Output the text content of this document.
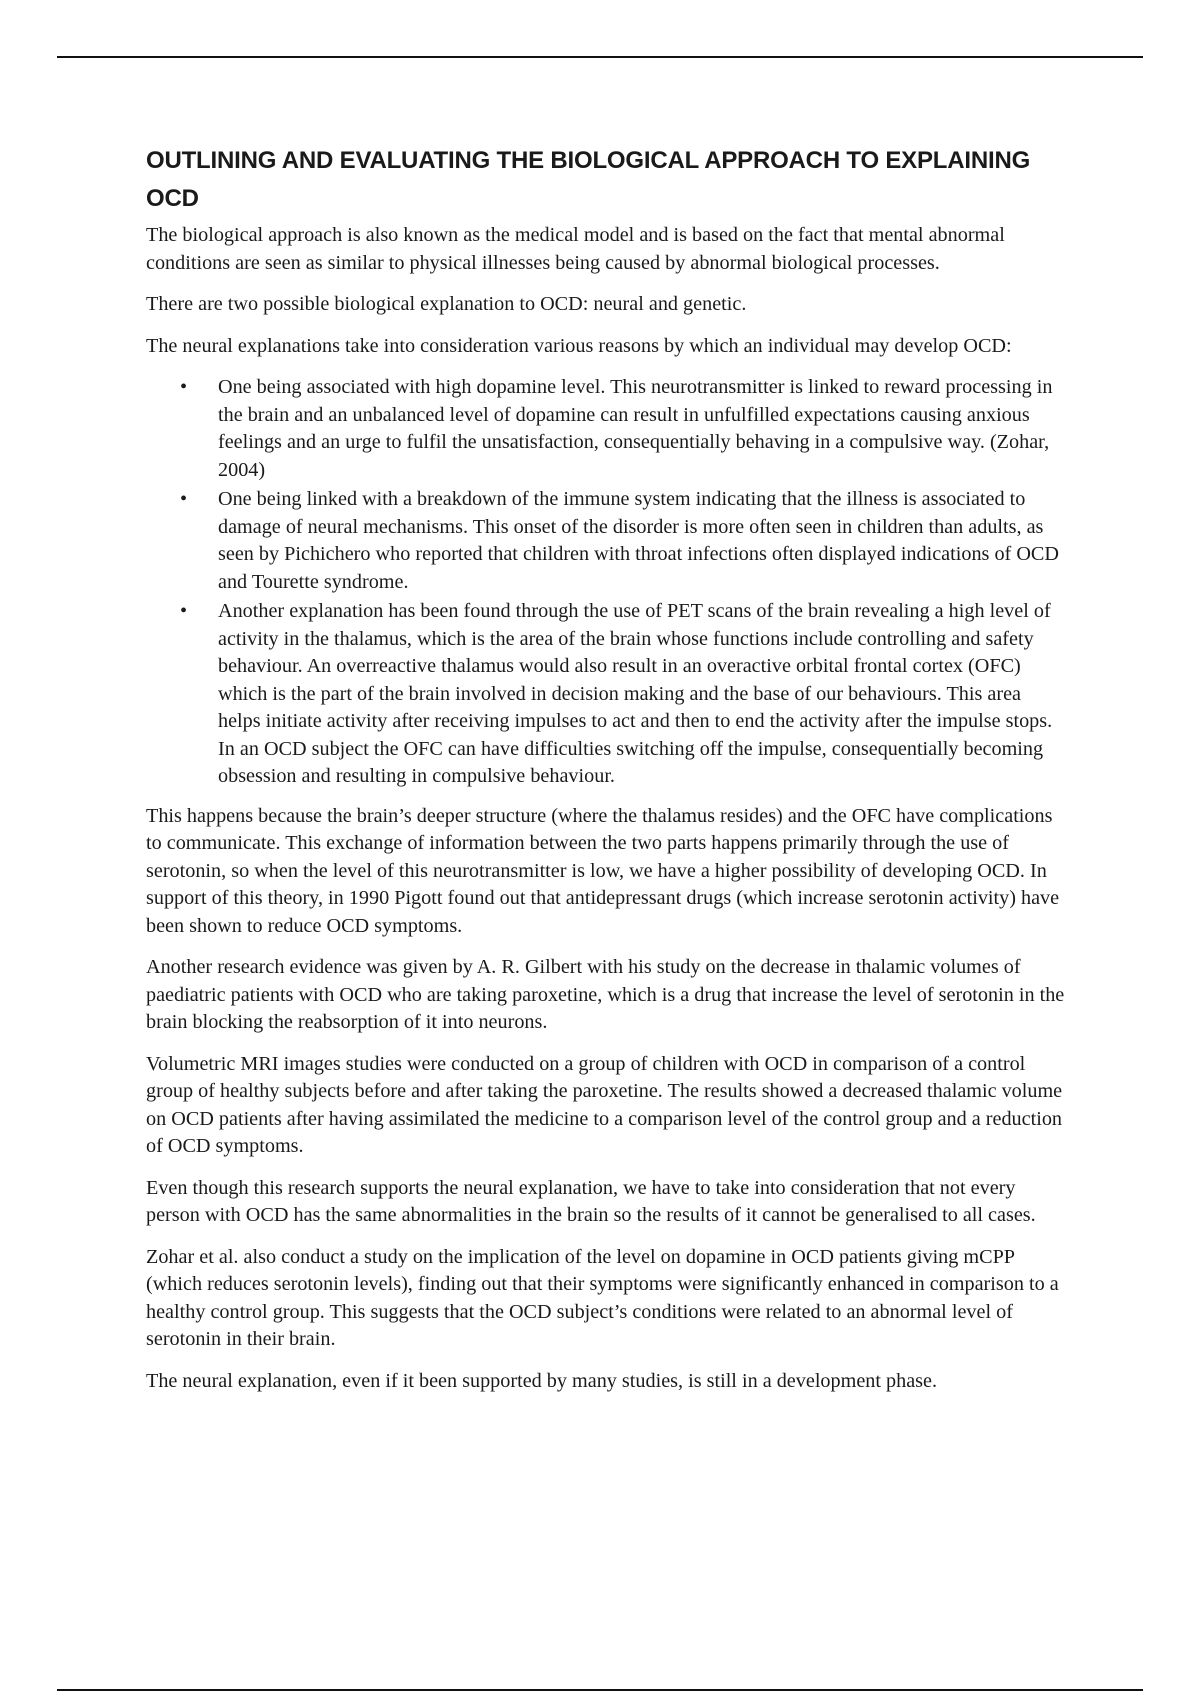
OUTLINING AND EVALUATING THE BIOLOGICAL APPROACH TO EXPLAINING OCD

The biological approach is also known as the medical model and is based on the fact that mental abnormal conditions are seen as similar to physical illnesses being caused by abnormal biological processes.

There are two possible biological explanation to OCD: neural and genetic.

The neural explanations take into consideration various reasons by which an individual may develop OCD:

• One being associated with high dopamine level. This neurotransmitter is linked to reward processing in the brain and an unbalanced level of dopamine can result in unfulfilled expectations causing anxious feelings and an urge to fulfil the unsatisfaction, consequentially behaving in a compulsive way. (Zohar, 2004)
• One being linked with a breakdown of the immune system indicating that the illness is associated to damage of neural mechanisms. This onset of the disorder is more often seen in children than adults, as seen by Pichichero who reported that children with throat infections often displayed indications of OCD and Tourette syndrome.
• Another explanation has been found through the use of PET scans of the brain revealing a high level of activity in the thalamus, which is the area of the brain whose functions include controlling and safety behaviour. An overreactive thalamus would also result in an overactive orbital frontal cortex (OFC) which is the part of the brain involved in decision making and the base of our behaviours. This area helps initiate activity after receiving impulses to act and then to end the activity after the impulse stops. In an OCD subject the OFC can have difficulties switching off the impulse, consequentially becoming obsession and resulting in compulsive behaviour.

This happens because the brain’s deeper structure (where the thalamus resides) and the OFC have complications to communicate. This exchange of information between the two parts happens primarily through the use of serotonin, so when the level of this neurotransmitter is low, we have a higher possibility of developing OCD. In support of this theory, in 1990 Pigott found out that antidepressant drugs (which increase serotonin activity) have been shown to reduce OCD symptoms.

Another research evidence was given by A. R. Gilbert with his study on the decrease in thalamic volumes of paediatric patients with OCD who are taking paroxetine, which is a drug that increase the level of serotonin in the brain blocking the reabsorption of it into neurons.

Volumetric MRI images studies were conducted on a group of children with OCD in comparison of a control group of healthy subjects before and after taking the paroxetine. The results showed a decreased thalamic volume on OCD patients after having assimilated the medicine to a comparison level of the control group and a reduction of OCD symptoms.

Even though this research supports the neural explanation, we have to take into consideration that not every person with OCD has the same abnormalities in the brain so the results of it cannot be generalised to all cases.

Zohar et al. also conduct a study on the implication of the level on dopamine in OCD patients giving mCPP (which reduces serotonin levels), finding out that their symptoms were significantly enhanced in comparison to a healthy control group. This suggests that the OCD subject’s conditions were related to an abnormal level of serotonin in their brain.

The neural explanation, even if it been supported by many studies, is still in a development phase.
